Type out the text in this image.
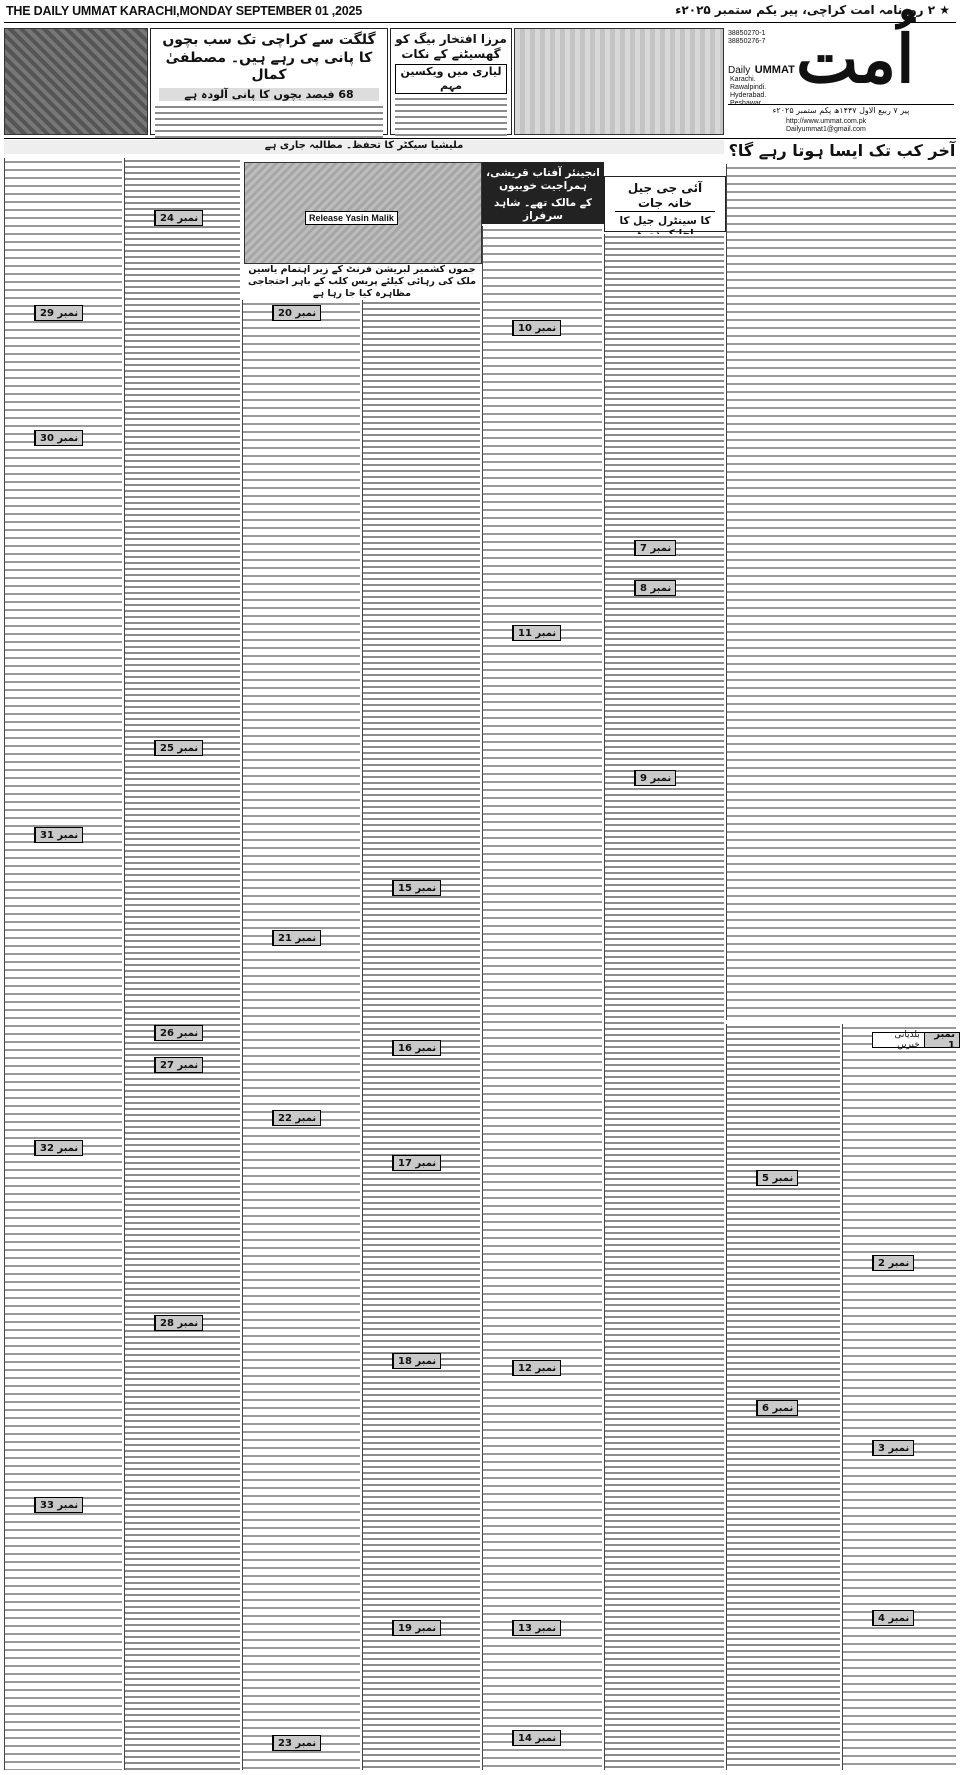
THE DAILY UMMAT KARACHI,MONDAY SEPTEMBER 01 ,2025	★ ۲ روزنامہ امت کراچی، پیر یکم ستمبر ۲۰۲۵ء
گلگت سے کراچی تک سب بچوں کا پانی پی رہے ہیں۔ مصطفیٰ کمال
68 فیصد بچوں کا پانی آلودہ ہے
مرزا افتخار بیگ کو گھسیٹنے کے نکات
لیاری میں ویکسین مہم
38850270-1
38850276-7 اُمت
Daily UMMAT
Karachi.
Rawalpindi.
Hyderabad.
Peshawar.
پیر ۷ ربیع الاول ۱۴۴۷ھ یکم ستمبر ۲۰۲۵ء
http://www.ummat.com.pk
Dailyummat1@gmail.com
ملیشیا سیکٹر کا تحفظ۔ مطالبہ جاری ہے	آخر کب تک ایسا ہوتا رہے گا؟
Release Yasin Malik
جموں کشمیر لبریشن فرنٹ کے زیر اہتمام یاسین ملک کی رہائی کیلئے پریس کلب کے باہر احتجاجی مظاہرہ کیا جا رہا ہے
انجینئر آفتاب قریشی، ہمراجیت خوبیوں
کے مالک تھے۔ شاہد سرفراز
آئی جی جیل خانہ جات
کا سینٹرل جیل کا
نمبر 1
بلدیاتی خبریں
نمبر 2
نمبر 3
نمبر 4
نمبر 5
نمبر 6
نمبر 7
نمبر 8
نمبر 9
نمبر 10
نمبر 11
نمبر 12
نمبر 13
نمبر 14
نمبر 15
نمبر 16
نمبر 17
نمبر 18
نمبر 19
نمبر 20
نمبر 21
نمبر 22
نمبر 23
نمبر 24
نمبر 25
نمبر 26
نمبر 27
نمبر 28
نمبر 29
نمبر 30
نمبر 31
نمبر 32
نمبر 33
